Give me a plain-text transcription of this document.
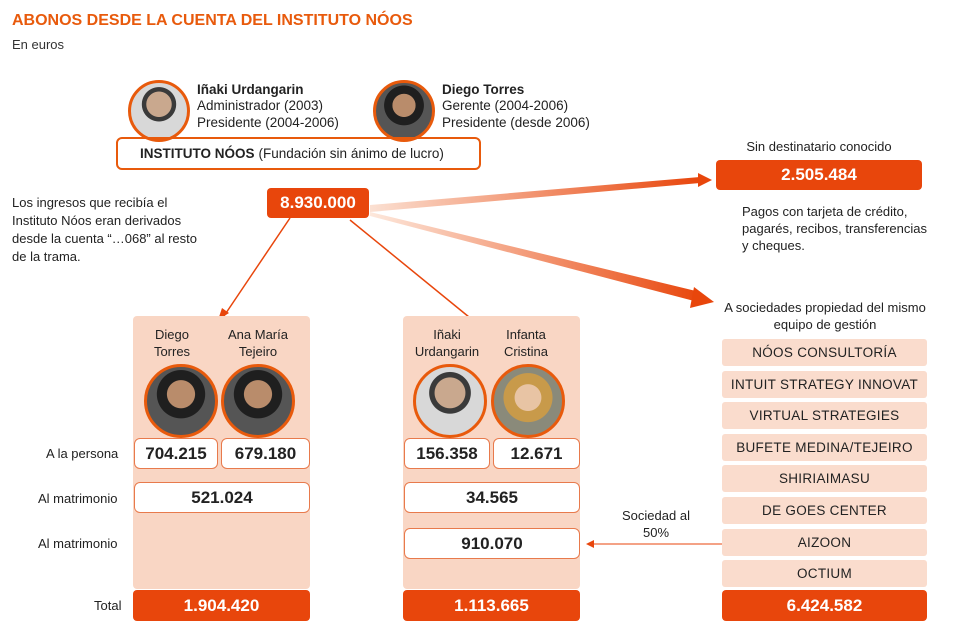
ABONOS DESDE LA CUENTA DEL INSTITUTO NÓOS
En euros
Iñaki Urdangarin
Administrador (2003)
Presidente (2004-2006)
Diego Torres
Gerente (2004-2006)
Presidente (desde 2006)
INSTITUTO NÓOS (Fundación sin ánimo de lucro)
Los ingresos que recibía el Instituto Nóos eran derivados desde la cuenta “…068” al resto de la trama.
8.930.000
Sin destinatario conocido
2.505.484
Pagos con tarjeta de crédito, pagarés, recibos, transferencias y cheques.
A la persona
Al matrimonio
Al matrimonio
Total
Diego Torres
Ana María Tejeiro
704.215	679.180
521.024
1.904.420
Iñaki Urdangarin
Infanta Cristina
156.358	12.671
34.565
910.070
1.113.665
A sociedades propiedad del mismo equipo de gestión
Sociedad al 50%
NÓOS CONSULTORÍA
INTUIT STRATEGY INNOVAT
VIRTUAL STRATEGIES
BUFETE MEDINA/TEJEIRO
SHIRIAIMASU
DE GOES CENTER
AIZOON
OCTIUM
6.424.582
